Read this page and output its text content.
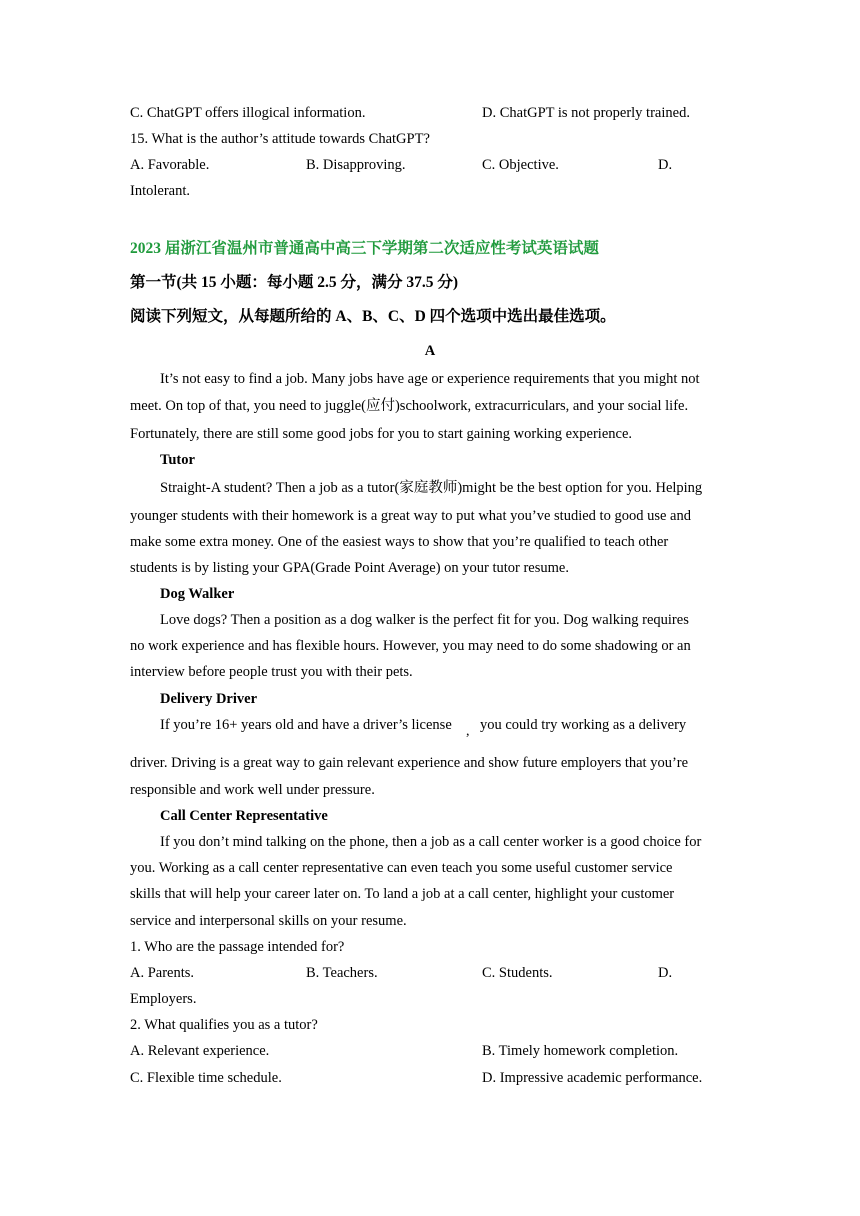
C. ChatGPT offers illogical information.	D. ChatGPT is not properly trained.
15. What is the author’s attitude towards ChatGPT?
A. Favorable.	B. Disapproving.	C. Objective.	D.
Intolerant.
2023 届浙江省温州市普通高中高三下学期第二次适应性考试英语试题
第一节(共 15 小题：每小题 2.5 分，满分 37.5 分)
阅读下列短文，从每题所给的 A、B、C、D 四个选项中选出最佳选项。
A
It’s not easy to find a job. Many jobs have age or experience requirements that you might not
meet. On top of that, you need to juggle(应付)schoolwork, extracurriculars, and your social life.
Fortunately, there are still some good jobs for you to start gaining working experience.
Tutor
Straight-A student? Then a job as a tutor(家庭教师)might be the best option for you. Helping
younger students with their homework is a great way to put what you’ve studied to good use and
make some extra money. One of the easiest ways to show that you’re qualified to teach other
students is by listing your GPA(Grade Point Average) on your tutor resume.
Dog Walker
Love dogs? Then a position as a dog walker is the perfect fit for you. Dog walking requires
no work experience and has flexible hours. However, you may need to do some shadowing or an
interview before people trust you with their pets.
Delivery Driver
If you’re 16+ years old and have a driver’s license , you could try working as a delivery
driver. Driving is a great way to gain relevant experience and show future employers that you’re
responsible and work well under pressure.
Call Center Representative
If you don’t mind talking on the phone, then a job as a call center worker is a good choice for
you. Working as a call center representative can even teach you some useful customer service
skills that will help your career later on. To land a job at a call center, highlight your customer
service and interpersonal skills on your resume.
1. Who are the passage intended for?
A. Parents.	B. Teachers.	C. Students.	D.
Employers.
2. What qualifies you as a tutor?
A. Relevant experience.	B. Timely homework completion.
C. Flexible time schedule.	D. Impressive academic performance.
